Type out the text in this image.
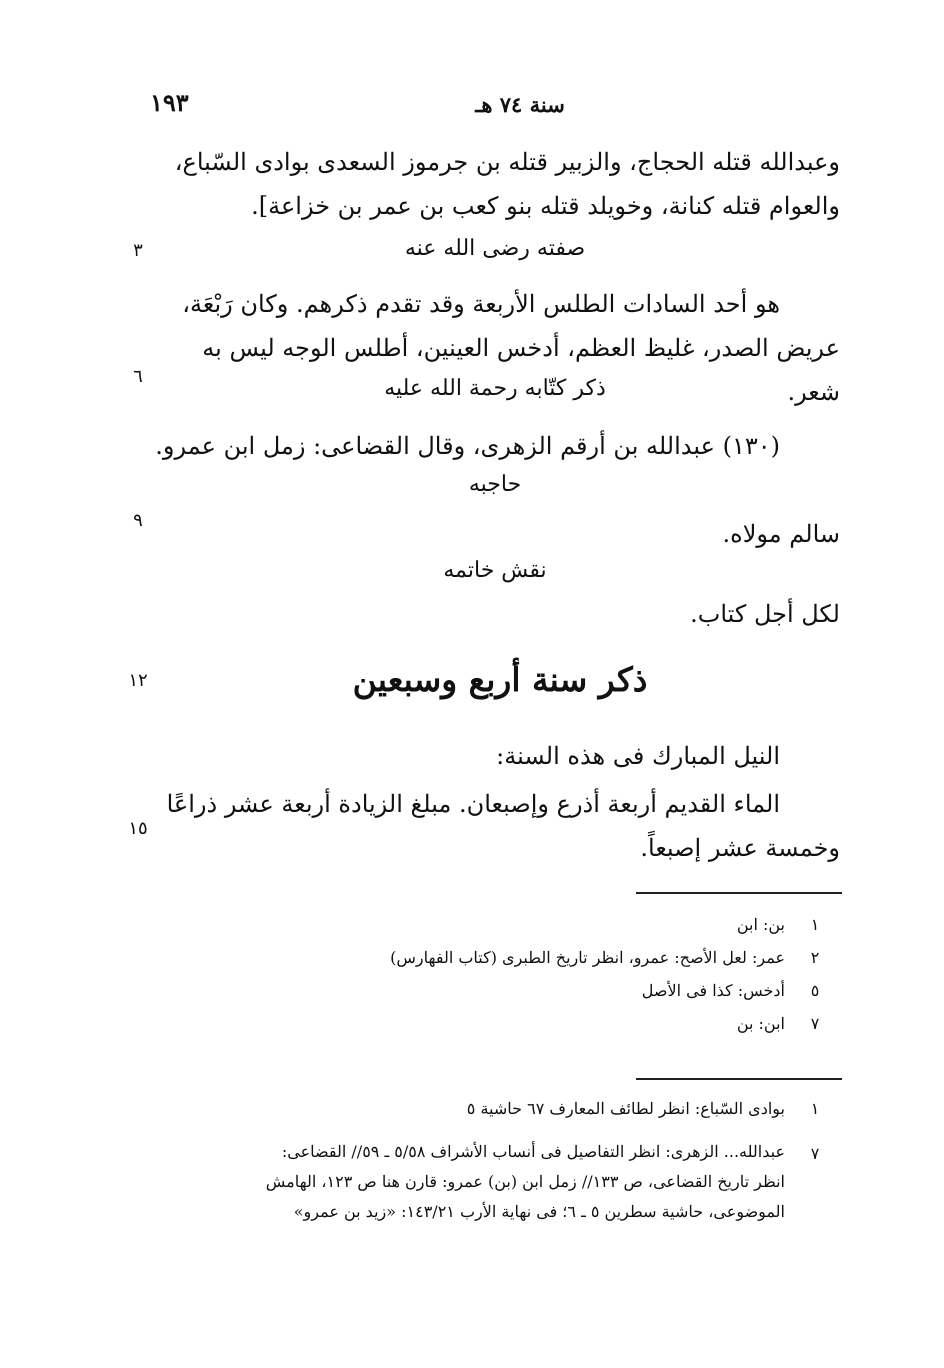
سنة ٧٤ هـ
١٩٣
وعبدالله قتله الحجاج، والزبير قتله بن جرموز السعدى بوادى السّباع،
والعوام قتله كنانة، وخويلد قتله بنو كعب بن عمر بن خزاعة].
صفته رضى الله عنه
٣
هو أحد السادات الطلس الأربعة وقد تقدم ذكرهم. وكان رَبْعَة،
عريض الصدر، غليظ العظم، أدخس العينين، أطلس الوجه ليس به شعر.
٦	ذكر كتّابه رحمة الله عليه
(١٣٠) عبدالله بن أرقم الزهرى، وقال القضاعى: زمل ابن عمرو.
حاجبه
سالم مولاه.
٩
نقش خاتمه
لكل أجل كتاب.
ذكر سنة أربع وسبعين
١٢
النيل المبارك فى هذه السنة:
الماء القديم أربعة أذرع وإصبعان. مبلغ الزيادة أربعة عشر ذراعًا
وخمسة عشر إصبعاً.
١٥
١
بن: ابن
٢
عمر: لعل الأصح: عمرو، انظر تاريخ الطبرى (كتاب الفهارس)
٥
أدخس: كذا فى الأصل
٧
ابن: بن
١
بوادى السّباع: انظر لطائف المعارف ٦٧ حاشية ٥
٧
عبدالله... الزهرى: انظر التفاصيل فى أنساب الأشراف ٥/٥٨ ـ ٥٩// القضاعى:
انظر تاريخ القضاعى، ص ١٣٣// زمل ابن (بن) عمرو: قارن هنا ص ١٢٣، الهامش
الموضوعى، حاشية سطرين ٥ ـ ٦؛ فى نهاية الأرب ١٤٣/٢١: «زيد بن عمرو»
